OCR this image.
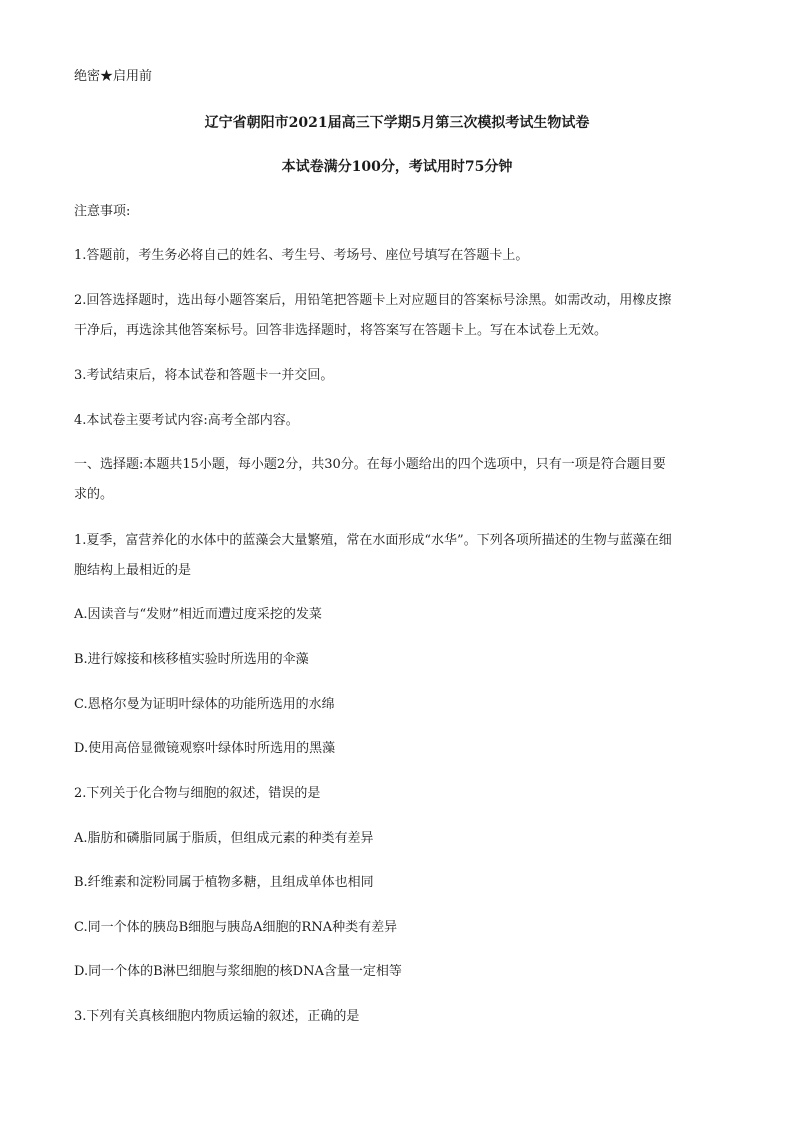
绝密★启用前
辽宁省朝阳市2021届高三下学期5月第三次模拟考试生物试卷
本试卷满分100分，考试用时75分钟
注意事项:
1.答题前，考生务必将自己的姓名、考生号、考场号、座位号填写在答题卡上。
2.回答选择题时，选出每小题答案后，用铅笔把答题卡上对应题目的答案标号涂黑。如需改动，用橡皮擦
干净后，再选涂其他答案标号。回答非选择题时，将答案写在答题卡上。写在本试卷上无效。
3.考试结束后，将本试卷和答题卡一并交回。
4.本试卷主要考试内容:高考全部内容。
一、选择题:本题共15小题，每小题2分，共30分。在每小题给出的四个选项中，只有一项是符合题目要
求的。
1.夏季，富营养化的水体中的蓝藻会大量繁殖，常在水面形成“水华”。下列各项所描述的生物与蓝藻在细
胞结构上最相近的是
A.因读音与“发财”相近而遭过度采挖的发菜
B.进行嫁接和核移植实验时所选用的伞藻
C.恩格尔曼为证明叶绿体的功能所选用的水绵
D.使用高倍显微镜观察叶绿体时所选用的黑藻
2.下列关于化合物与细胞的叙述，错误的是
A.脂肪和磷脂同属于脂质，但组成元素的种类有差异
B.纤维素和淀粉同属于植物多糖，且组成单体也相同
C.同一个体的胰岛B细胞与胰岛A细胞的RNA种类有差异
D.同一个体的B淋巴细胞与浆细胞的核DNA含量一定相等
3.下列有关真核细胞内物质运输的叙述，正确的是
